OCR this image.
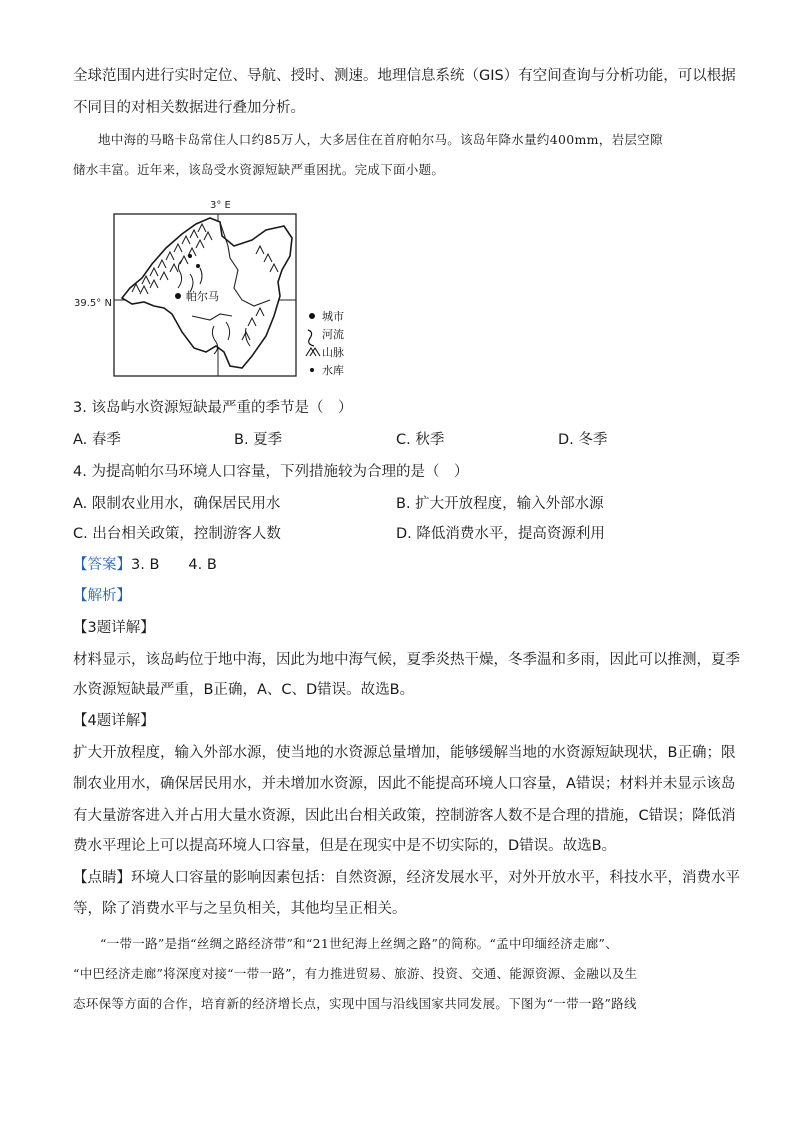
全球范围内进行实时定位、导航、授时、测速。地理信息系统（GIS）有空间查询与分析功能，可以根据
不同目的对相关数据进行叠加分析。
地中海的马略卡岛常住人口约85万人，大多居住在首府帕尔马。该岛年降水量约400mm，岩层空隙
储水丰富。近年来，该岛受水资源短缺严重困扰。完成下面小题。
3° E
39.5° N
帕尔马
城市
河流
山脉
水库
3. 该岛屿水资源短缺最严重的季节是（　）
A. 春季	B. 夏季	C. 秋季	D. 冬季
4. 为提高帕尔马环境人口容量，下列措施较为合理的是（　）
A. 限制农业用水，确保居民用水	B. 扩大开放程度，输入外部水源
C. 出台相关政策，控制游客人数	D. 降低消费水平，提高资源利用
【答案】3. B　　4. B
【解析】
【3题详解】
材料显示，该岛屿位于地中海，因此为地中海气候，夏季炎热干燥，冬季温和多雨，因此可以推测，夏季
水资源短缺最严重，B正确，A、C、D错误。故选B。
【4题详解】
扩大开放程度，输入外部水源，使当地的水资源总量增加，能够缓解当地的水资源短缺现状，B正确；限
制农业用水，确保居民用水，并未增加水资源，因此不能提高环境人口容量，A错误；材料并未显示该岛
有大量游客进入并占用大量水资源，因此出台相关政策，控制游客人数不是合理的措施，C错误；降低消
费水平理论上可以提高环境人口容量，但是在现实中是不切实际的，D错误。故选B。
【点睛】环境人口容量的影响因素包括：自然资源，经济发展水平，对外开放水平，科技水平，消费水平
等，除了消费水平与之呈负相关，其他均呈正相关。
“一带一路”是指“丝绸之路经济带”和“21世纪海上丝绸之路”的简称。“孟中印缅经济走廊”、
“中巴经济走廊”将深度对接“一带一路”，有力推进贸易、旅游、投资、交通、能源资源、金融以及生
态环保等方面的合作，培育新的经济增长点，实现中国与沿线国家共同发展。下图为“一带一路”路线
